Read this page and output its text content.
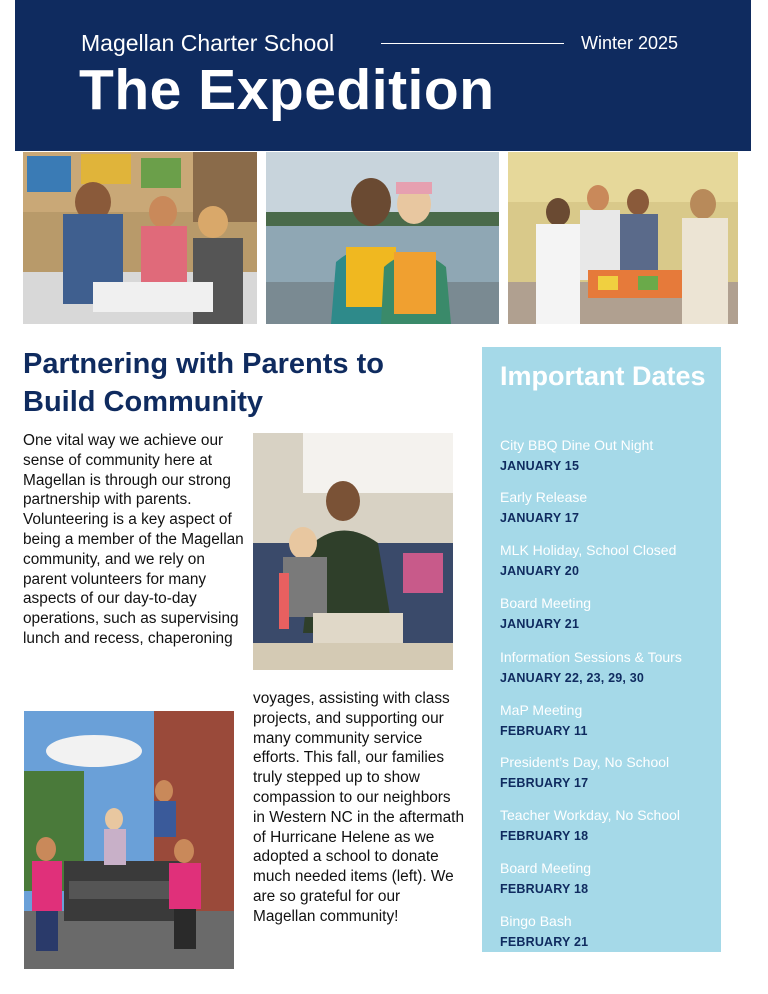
Magellan Charter School	Winter 2025
The Expedition
Partnering with Parents to Build Community
One vital way we achieve our sense of community here at Magellan is through our strong partnership with parents. Volunteering is a key aspect of being a member of the Magellan community, and we rely on parent volunteers for many aspects of our day-to-day operations, such as supervising lunch and recess, chaperoning
voyages, assisting with class projects, and supporting our many community service efforts. This fall, our families truly stepped up to show compassion to our neighbors in Western NC in the aftermath of Hurricane Helene as we adopted a school to donate much needed items (left). We are so grateful for our Magellan community!
Important Dates
City BBQ Dine Out Night
JANUARY 15
Early Release
JANUARY 17
MLK Holiday, School Closed
JANUARY 20
Board Meeting
JANUARY 21
Information Sessions & Tours
JANUARY 22, 23, 29, 30
MaP Meeting
FEBRUARY 11
President’s Day, No School
FEBRUARY 17
Teacher Workday, No School
FEBRUARY 18
Board Meeting
FEBRUARY 18
Bingo Bash
FEBRUARY 21
